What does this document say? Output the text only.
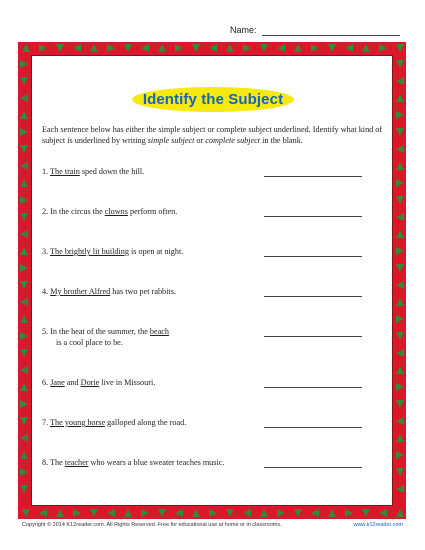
Name:
Identify the Subject
Each sentence below has either the simple subject or complete subject underlined. Identify what kind of subject is underlined by writing simple subject or complete subject in the blank.
1. The train sped down the hill.
2. In the circus the clowns perform often.
3. The brightly lit building is open at night.
4. My brother Alfred has two pet rabbits.
5. In the heat of the summer, the beach
is a cool place to be.
6. Jane and Dorie live in Missouri.
7. The young horse galloped along the road.
8. The teacher who wears a blue sweater teaches music.
Copyright © 2014 K12reader.com. All Rights Reserved. Free for educational use at home or in classrooms.	www.k12reader.com
